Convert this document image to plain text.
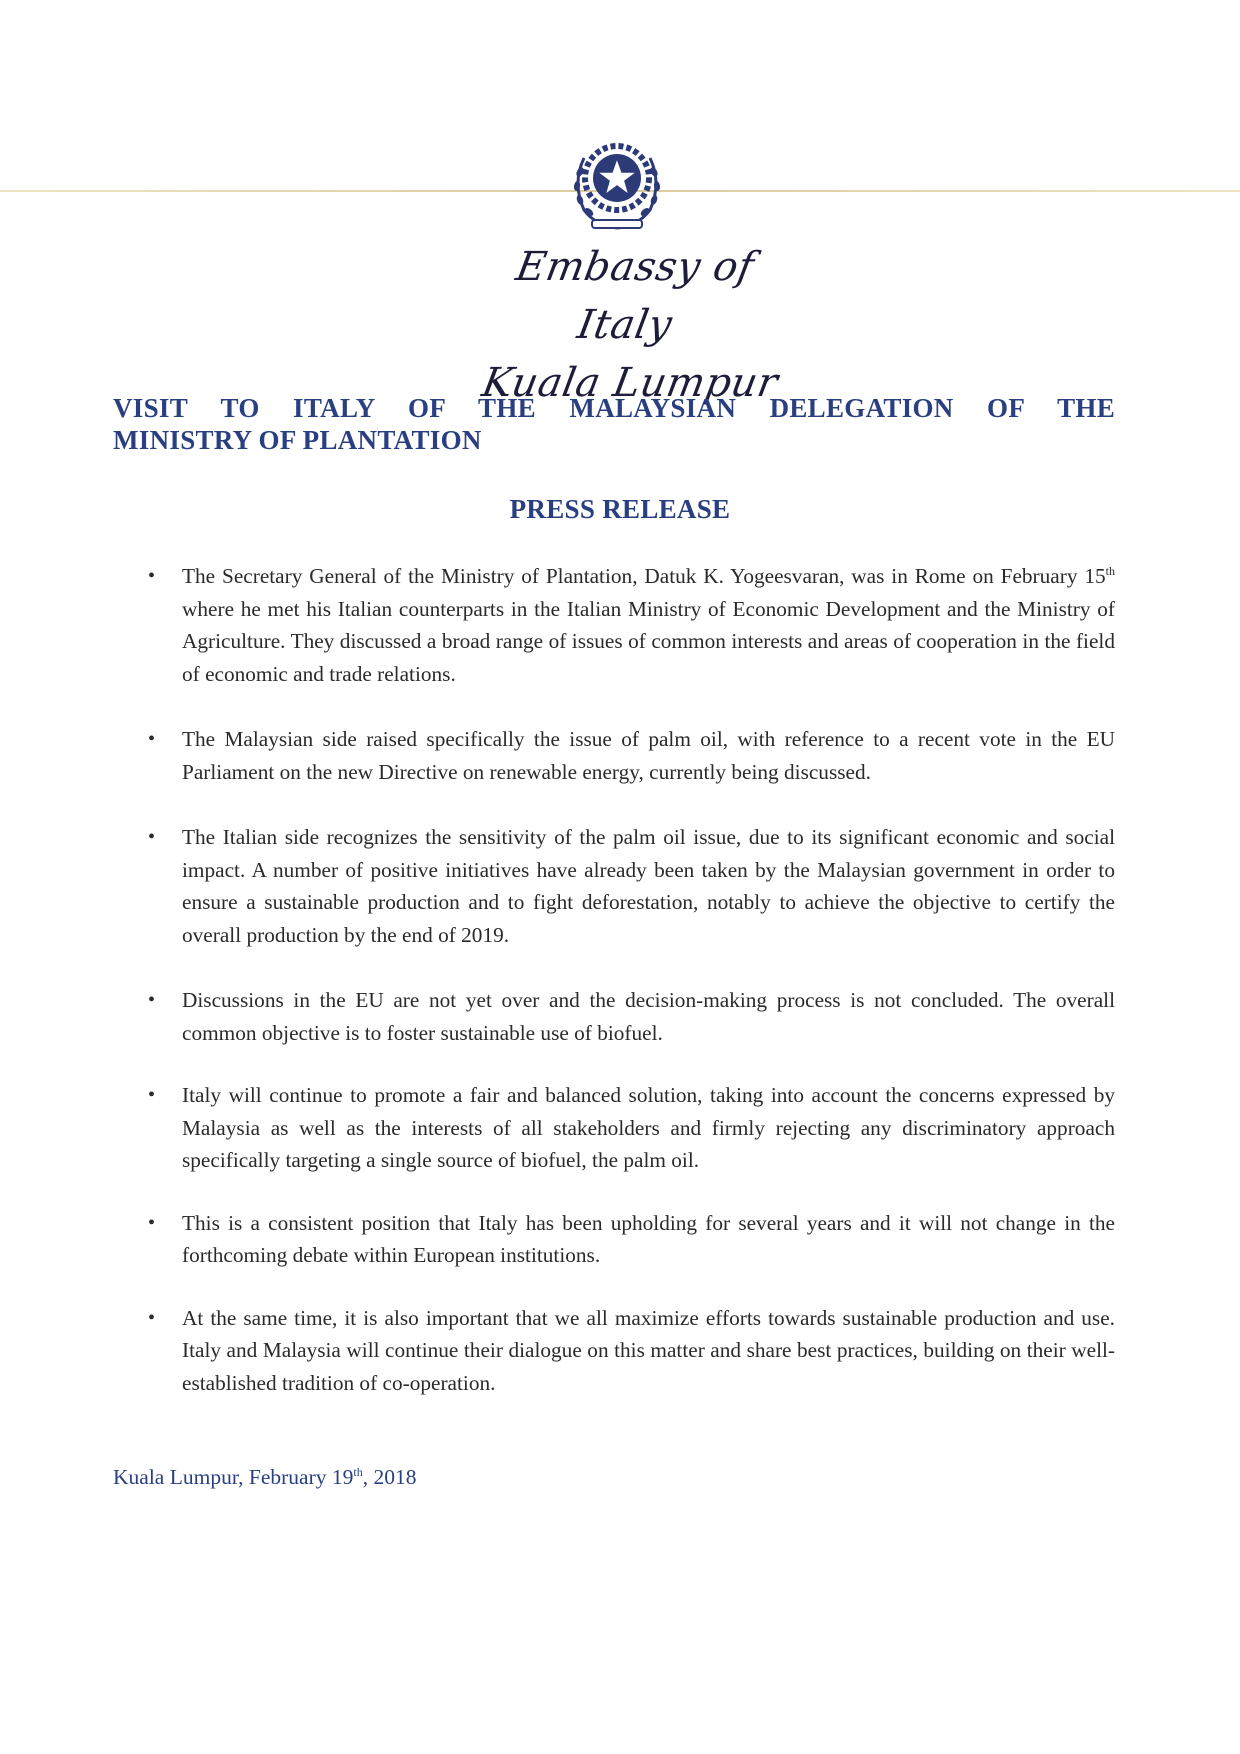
Embassy of Italy
Kuala Lumpur
VISIT TO ITALY OF THE MALAYSIAN DELEGATION OF THE
MINISTRY OF PLANTATION
PRESS RELEASE
• The Secretary General of the Ministry of Plantation, Datuk K. Yogeesvaran, was in Rome on February 15th where he met his Italian counterparts in the Italian Ministry of Economic Development and the Ministry of Agriculture. They discussed a broad range of issues of common interests and areas of cooperation in the field of economic and trade relations.
• The Malaysian side raised specifically the issue of palm oil, with reference to a recent vote in the EU Parliament on the new Directive on renewable energy, currently being discussed.
• The Italian side recognizes the sensitivity of the palm oil issue, due to its significant economic and social impact. A number of positive initiatives have already been taken by the Malaysian government in order to ensure a sustainable production and to fight deforestation, notably to achieve the objective to certify the overall production by the end of 2019.
• Discussions in the EU are not yet over and the decision-making process is not concluded. The overall common objective is to foster sustainable use of biofuel.
• Italy will continue to promote a fair and balanced solution, taking into account the concerns expressed by Malaysia as well as the interests of all stakeholders and firmly rejecting any discriminatory approach specifically targeting a single source of biofuel, the palm oil.
• This is a consistent position that Italy has been upholding for several years and it will not change in the forthcoming debate within European institutions.
• At the same time, it is also important that we all maximize efforts towards sustainable production and use. Italy and Malaysia will continue their dialogue on this matter and share best practices, building on their well-established tradition of co-operation.
Kuala Lumpur, February 19th, 2018
